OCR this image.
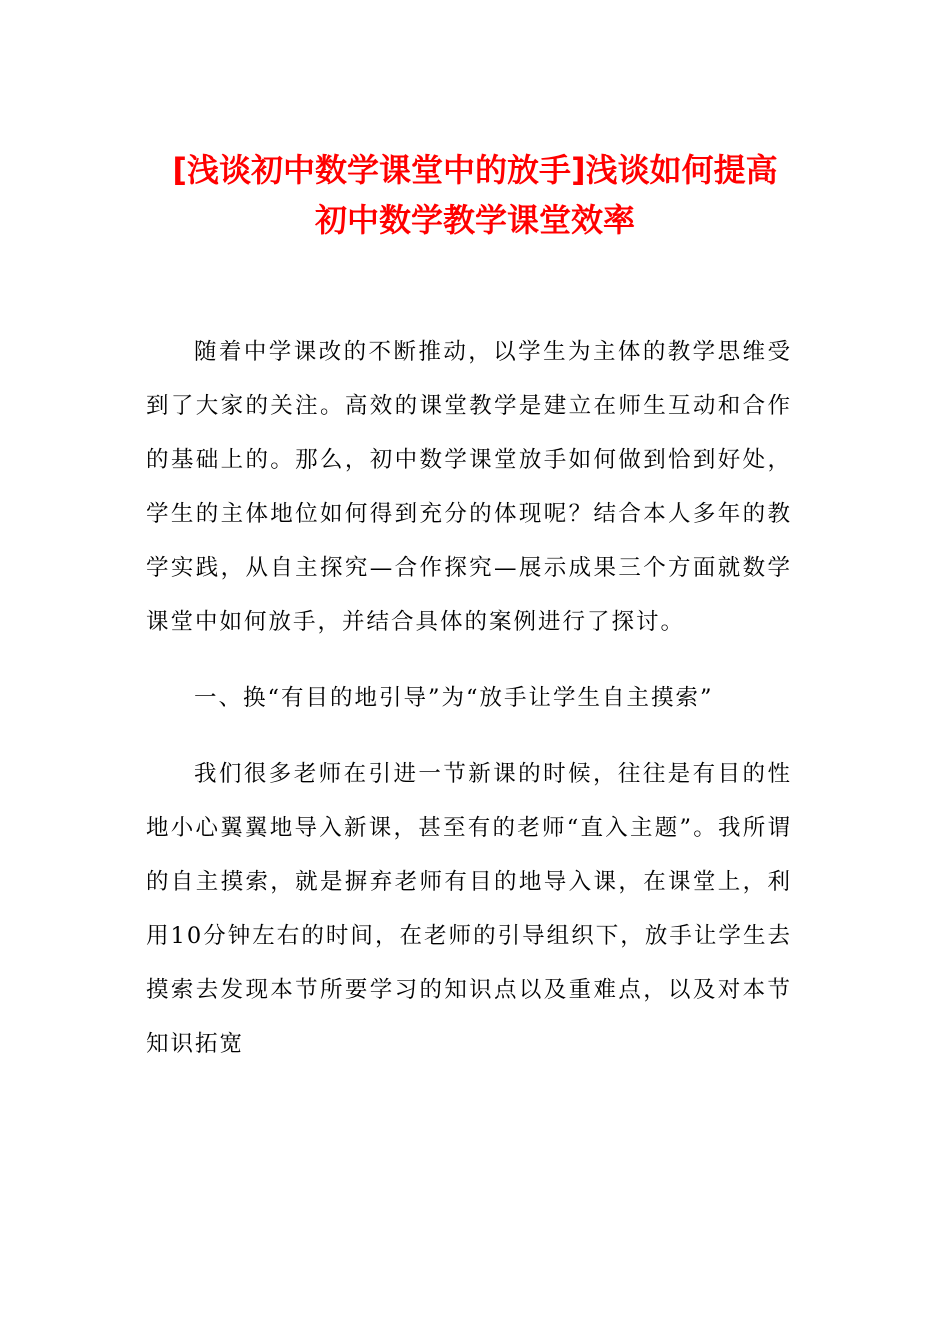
[浅谈初中数学课堂中的放手]浅谈如何提高
初中数学教学课堂效率

随着中学课改的不断推动，以学生为主体的教学思维受到了大家的关注。高效的课堂教学是建立在师生互动和合作的基础上的。那么，初中数学课堂放手如何做到恰到好处，学生的主体地位如何得到充分的体现呢？结合本人多年的教学实践，从自主探究—合作探究—展示成果三个方面就数学课堂中如何放手，并结合具体的案例进行了探讨。

一、换“有目的地引导”为“放手让学生自主摸索”

我们很多老师在引进一节新课的时候，往往是有目的性地小心翼翼地导入新课，甚至有的老师“直入主题”。我所谓的自主摸索，就是摒弃老师有目的地导入课，在课堂上，利用10分钟左右的时间，在老师的引导组织下，放手让学生去摸索去发现本节所要学习的知识点以及重难点，以及对本节知识拓宽
